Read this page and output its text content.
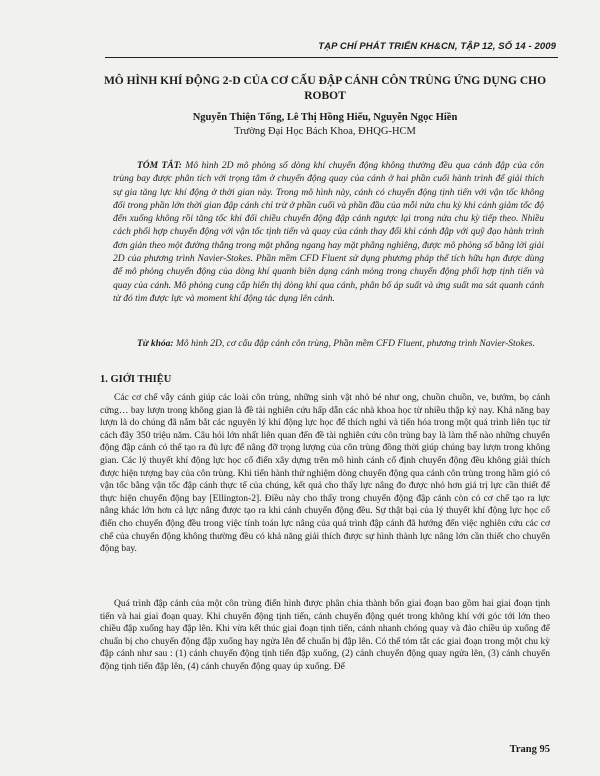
TẠP CHÍ PHÁT TRIỂN KH&CN, TẬP 12, SỐ 14 - 2009
MÔ HÌNH KHÍ ĐỘNG 2-D CỦA CƠ CẤU ĐẬP CÁNH CÔN TRÙNG ỨNG DỤNG CHO ROBOT
Nguyễn Thiện Tống, Lê Thị Hồng Hiếu, Nguyễn Ngọc Hiền
Trường Đại Học Bách Khoa, ĐHQG-HCM
TÓM TẮT: Mô hình 2D mô phỏng số dòng khí chuyển động không thường đều qua cánh đập của côn trùng bay được phân tích với trọng tâm ở chuyển động quay của cánh ở hai phần cuối hành trình để giải thích sự gia tăng lực khí động ở thời gian này. Trong mô hình này, cánh có chuyển động tịnh tiến với vận tốc không đổi trong phần lớn thời gian đập cánh chỉ trừ ở phần cuối và phần đầu của mỗi nửa chu kỳ khi cánh giảm tốc độ đến xuống không rồi tăng tốc khi đổi chiều chuyển động đập cánh ngược lại trong nửa chu kỳ tiếp theo. Nhiều cách phối hợp chuyển động với vận tốc tịnh tiến và quay của cánh thay đổi khi cánh đập với quỹ đạo hành trình đơn giản theo một đường thẳng trong mặt phẳng ngang hay mặt phẳng nghiêng, được mô phỏng số bằng lời giải 2D của phương trình Navier-Stokes. Phần mềm CFD Fluent sử dụng phương pháp thể tích hữu hạn được dùng để mô phỏng chuyển động của dòng khí quanh biên dạng cánh mỏng trong chuyển động phối hợp tịnh tiến và quay của cánh. Mô phỏng cung cấp hiển thị dòng khí qua cánh, phân bố áp suất và ứng suất ma sát quanh cánh từ đó tìm được lực và moment khí động tác dụng lên cánh.
Từ khóa: Mô hình 2D, cơ cấu đập cánh côn trùng, Phần mềm CFD Fluent, phương trình Navier-Stokes.
1. GIỚI THIỆU
Các cơ chế vẫy cánh giúp các loài côn trùng, những sinh vật nhỏ bé như ong, chuồn chuồn, ve, bướm, bọ cánh cứng… bay lượn trong không gian là đề tài nghiên cứu hấp dẫn các nhà khoa học từ nhiều thập kỷ nay. Khả năng bay lượn là do chúng đã nắm bắt các nguyên lý khí động lực học để thích nghi và tiến hóa trong một quá trình liên tục từ cách đây 350 triệu năm. Câu hỏi lớn nhất liên quan đến đề tài nghiên cứu côn trùng bay là làm thế nào những chuyển động đập cánh có thể tạo ra đủ lực để nâng đỡ trọng lượng của côn trùng đồng thời giúp chúng bay lượn trong không gian. Các lý thuyết khí động lực học cổ điển xây dựng trên mô hình cánh cố định chuyển động đều không giải thích được hiện tượng bay của côn trùng. Khi tiến hành thử nghiệm dòng chuyển động qua cánh côn trùng trong hầm gió có vận tốc bằng vận tốc đập cánh thực tế của chúng, kết quả cho thấy lực nâng đo được nhỏ hơn giá trị lực cần thiết để thực hiện chuyển động bay [Ellington-2]. Điều này cho thấy trong chuyển động đập cánh còn có cơ chế tạo ra lực nâng khác lớn hơn cả lực nâng được tạo ra khi cánh chuyển động đều. Sự thật bại của lý thuyết khí động lực học cổ điển cho chuyển động đều trong việc tính toán lực nâng của quá trình đập cánh đã hướng đến việc nghiên cứu các cơ chế của chuyển động không thường đều có khả năng giải thích được sự hình thành lực nâng lớn cần thiết cho chuyển động bay.
Quá trình đập cánh của một côn trùng điển hình được phân chia thành bốn giai đoạn bao gồm hai giai đoạn tịnh tiến và hai giai đoạn quay. Khi chuyển động tịnh tiến, cánh chuyển động quét trong không khí với góc tới lớn theo chiều đập xuống hay đập lên. Khi vừa kết thúc giai đoạn tịnh tiến, cánh nhanh chóng quay và đảo chiều úp xuống để chuẩn bị cho chuyển động đập xuống hay ngửa lên để chuẩn bị đập lên. Có thể tóm tắt các giai đoạn trong một chu kỳ đập cánh như sau : (1) cánh chuyển động tịnh tiến đập xuống, (2) cánh chuyển động quay ngửa lên, (3) cánh chuyển động tịnh tiến đập lên, (4) cánh chuyển động quay úp xuống. Để
Trang 95
